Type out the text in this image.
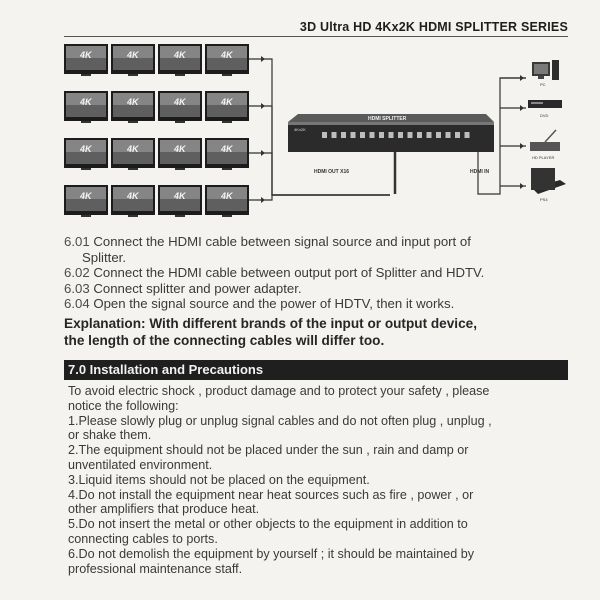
3D Ultra HD 4Kx2K HDMI SPLITTER SERIES
4K	4K	4K	4K
4K	4K	4K	4K
4K	4K	4K	4K
4K	4K	4K	4K
HDMI SPLITTER
4Kx2K
HDMI OUT X16	HDMI IN
PC
DVD
HD PLAYER
PS4
6.01 Connect the HDMI cable between signal source and input port of
Splitter.
6.02 Connect the HDMI cable between output port of Splitter and HDTV.
6.03 Connect splitter and power adapter.
6.04 Open the signal source and the power of HDTV, then it works.
Explanation: With different brands of the input or output device,
the length of the connecting cables will differ too.
7.0 Installation and Precautions

To avoid electric shock , product damage and to protect your safety , please

notice the following:

1.Please slowly plug or unplug signal cables and do not often plug , unplug ,

or shake them.

2.The equipment should not be placed under the sun , rain and damp or

unventilated environment.

3.Liquid items should not be placed on the equipment.

4.Do not install the equipment near heat sources such as fire , power , or

other amplifiers that produce heat.

5.Do not insert the metal or other objects to the equipment in addition to

connecting cables to ports.

6.Do not demolish the equipment by yourself ; it should be maintained by

professional maintenance staff.
